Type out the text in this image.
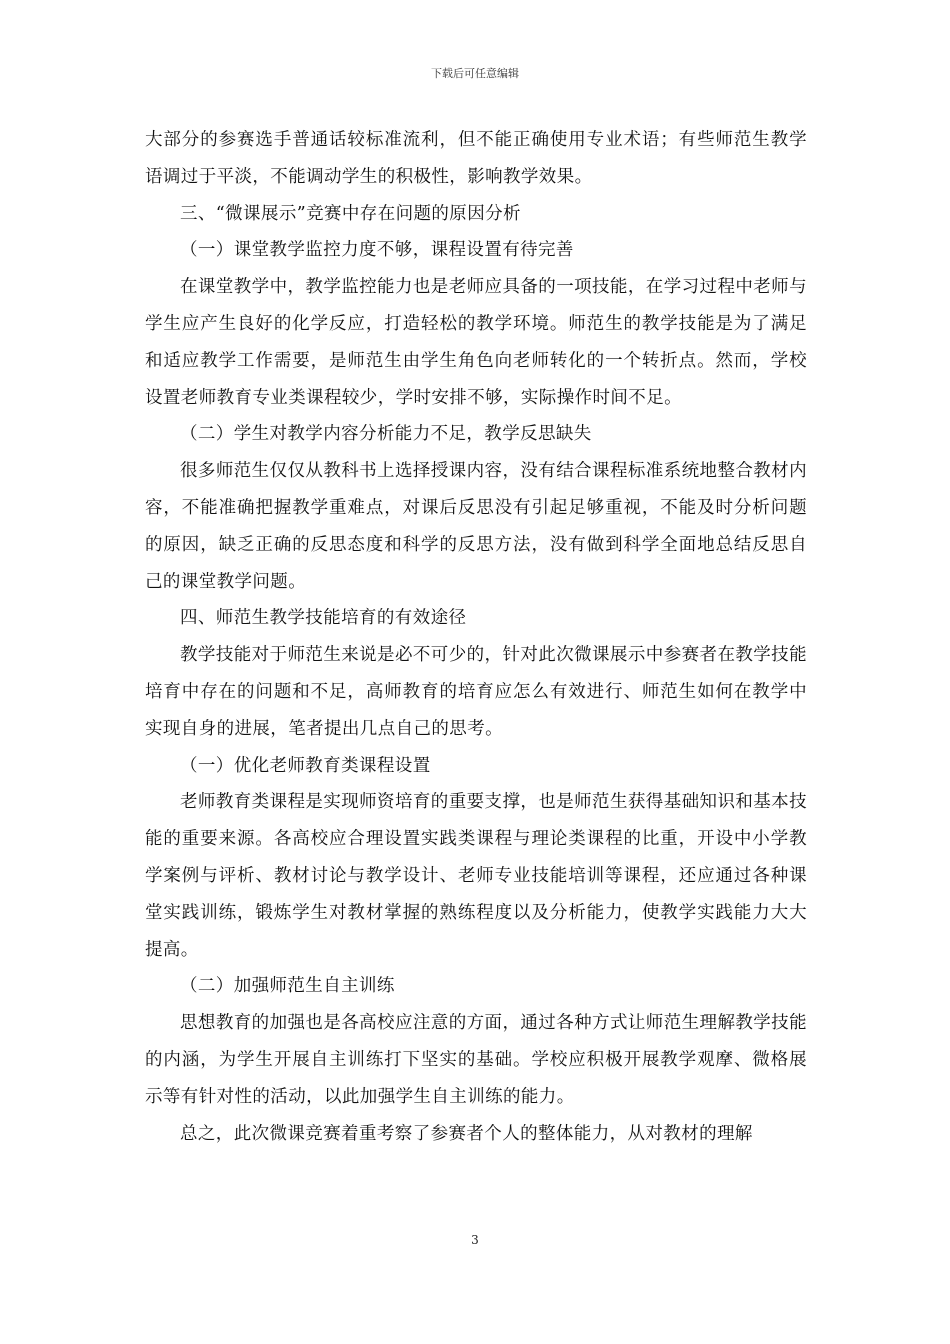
下载后可任意编辑

大部分的参赛选手普通话较标准流利，但不能正确使用专业术语；有些师范生教学语调过于平淡，不能调动学生的积极性，影响教学效果。

三、“微课展示”竞赛中存在问题的原因分析

（一）课堂教学监控力度不够，课程设置有待完善

在课堂教学中，教学监控能力也是老师应具备的一项技能，在学习过程中老师与学生应产生良好的化学反应，打造轻松的教学环境。师范生的教学技能是为了满足和适应教学工作需要，是师范生由学生角色向老师转化的一个转折点。然而，学校设置老师教育专业类课程较少，学时安排不够，实际操作时间不足。

（二）学生对教学内容分析能力不足，教学反思缺失

很多师范生仅仅从教科书上选择授课内容，没有结合课程标准系统地整合教材内容，不能准确把握教学重难点，对课后反思没有引起足够重视，不能及时分析问题的原因，缺乏正确的反思态度和科学的反思方法，没有做到科学全面地总结反思自己的课堂教学问题。

四、师范生教学技能培育的有效途径

教学技能对于师范生来说是必不可少的，针对此次微课展示中参赛者在教学技能培育中存在的问题和不足，高师教育的培育应怎么有效进行、师范生如何在教学中实现自身的进展，笔者提出几点自己的思考。

（一）优化老师教育类课程设置

老师教育类课程是实现师资培育的重要支撑，也是师范生获得基础知识和基本技能的重要来源。各高校应合理设置实践类课程与理论类课程的比重，开设中小学教学案例与评析、教材讨论与教学设计、老师专业技能培训等课程，还应通过各种课堂实践训练，锻炼学生对教材掌握的熟练程度以及分析能力，使教学实践能力大大提高。

（二）加强师范生自主训练

思想教育的加强也是各高校应注意的方面，通过各种方式让师范生理解教学技能的内涵，为学生开展自主训练打下坚实的基础。学校应积极开展教学观摩、微格展示等有针对性的活动，以此加强学生自主训练的能力。

总之，此次微课竞赛着重考察了参赛者个人的整体能力，从对教材的理解

3
